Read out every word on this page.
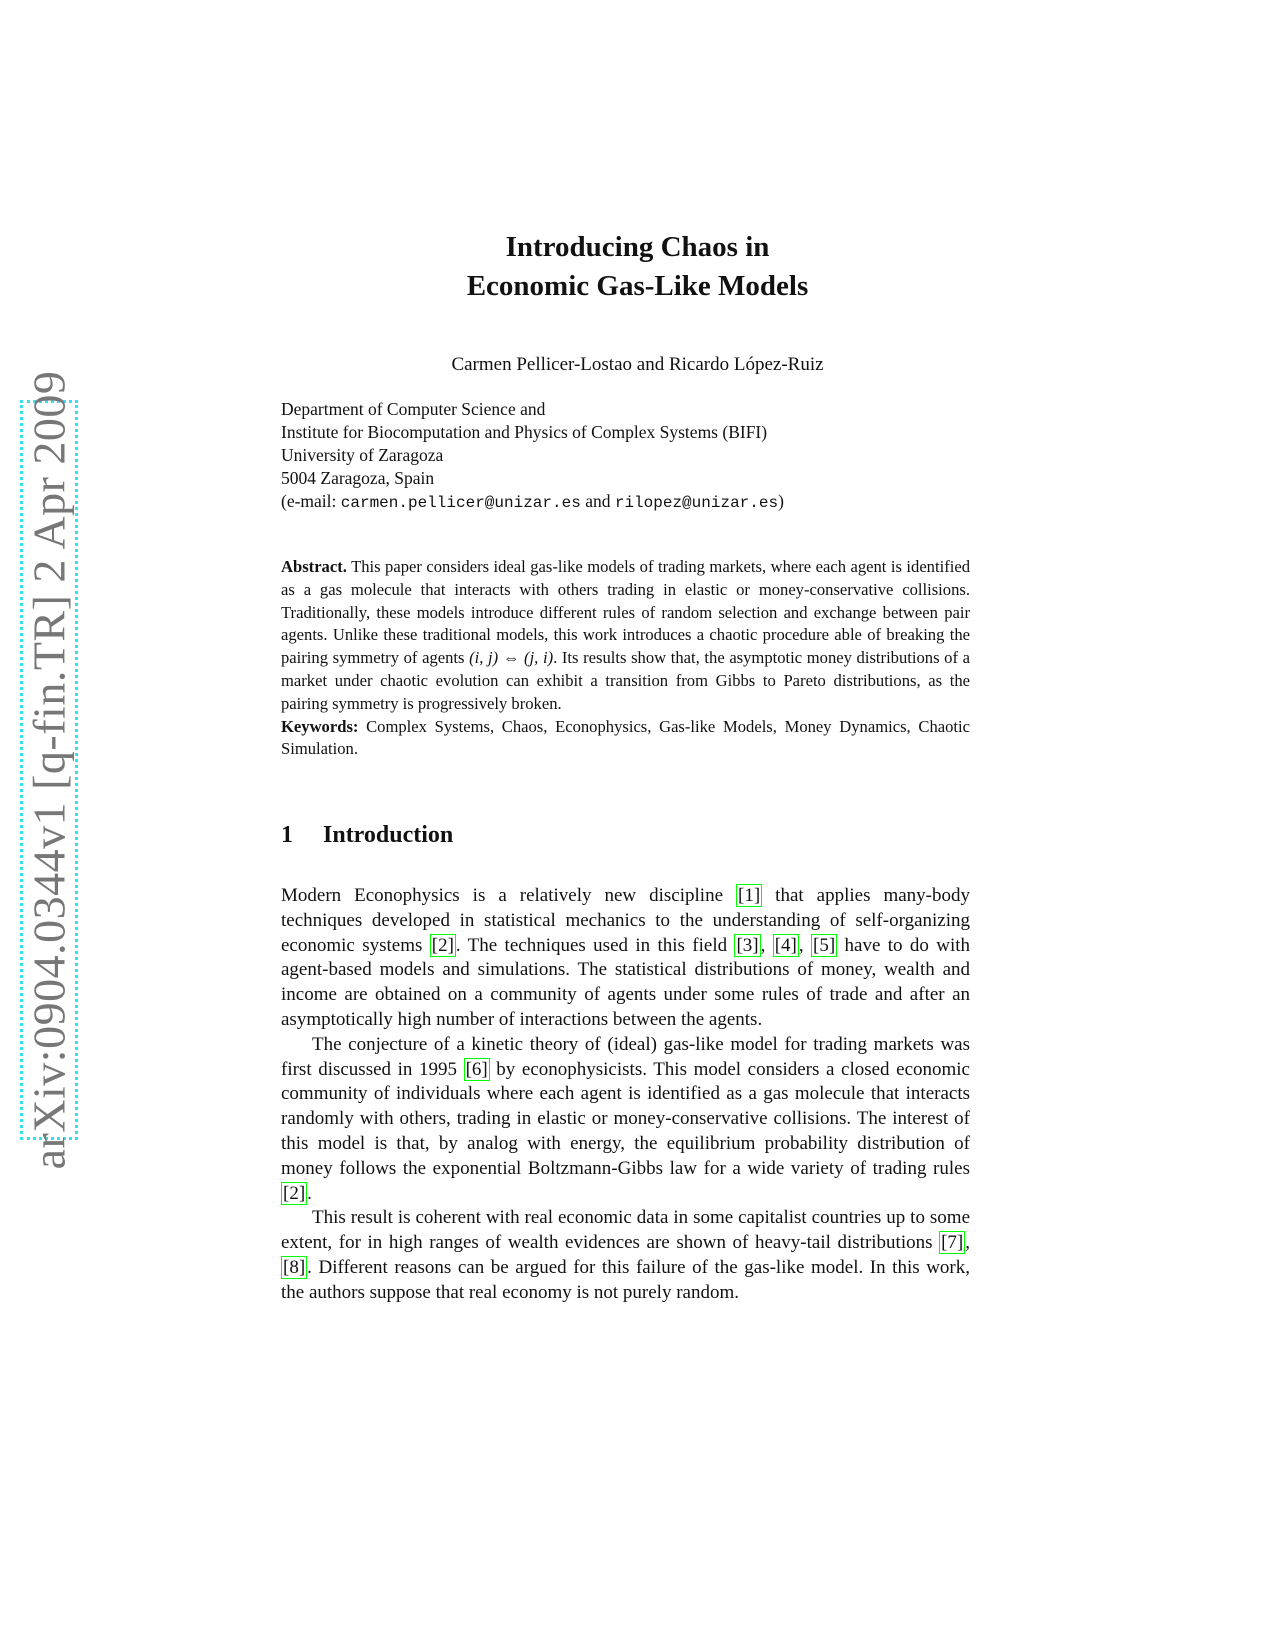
arXiv:0904.0344v1 [q-fin.TR] 2 Apr 2009
Introducing Chaos in
Economic Gas-Like Models
Carmen Pellicer-Lostao and Ricardo López-Ruiz
Department of Computer Science and
Institute for Biocomputation and Physics of Complex Systems (BIFI)
University of Zaragoza
5004 Zaragoza, Spain
(e-mail: carmen.pellicer@unizar.es and rilopez@unizar.es)

Abstract. This paper considers ideal gas-like models of trading markets, where each agent is identified as a gas molecule that interacts with others trading in elastic or money-conservative collisions. Traditionally, these models introduce different rules of random selection and exchange between pair agents. Unlike these traditional models, this work introduces a chaotic procedure able of breaking the pairing symmetry of agents (i, j) ⇔ (j, i). Its results show that, the asymptotic money distributions of a market under chaotic evolution can exhibit a transition from Gibbs to Pareto distributions, as the pairing symmetry is progressively broken.

Keywords: Complex Systems, Chaos, Econophysics, Gas-like Models, Money Dynamics, Chaotic Simulation.

1 Introduction

Modern Econophysics is a relatively new discipline [1] that applies many-body techniques developed in statistical mechanics to the understanding of self-organizing economic systems [2] . The techniques used in this field [3] , [4] , [5] have to do with agent-based models and simulations. The statistical distributions of money, wealth and income are obtained on a community of agents under some rules of trade and after an asymptotically high number of interactions between the agents.

The conjecture of a kinetic theory of (ideal) gas-like model for trading markets was first discussed in 1995 [6] by econophysicists. This model considers a closed economic community of individuals where each agent is identified as a gas molecule that interacts randomly with others, trading in elastic or money-conservative collisions. The interest of this model is that, by analog with energy, the equilibrium probability distribution of money follows the exponential Boltzmann-Gibbs law for a wide variety of trading rules [2] .

This result is coherent with real economic data in some capitalist countries up to some extent, for in high ranges of wealth evidences are shown of heavy-tail distributions [7] , [8] . Different reasons can be argued for this failure of the gas-like model. In this work, the authors suppose that real economy is not purely random.
